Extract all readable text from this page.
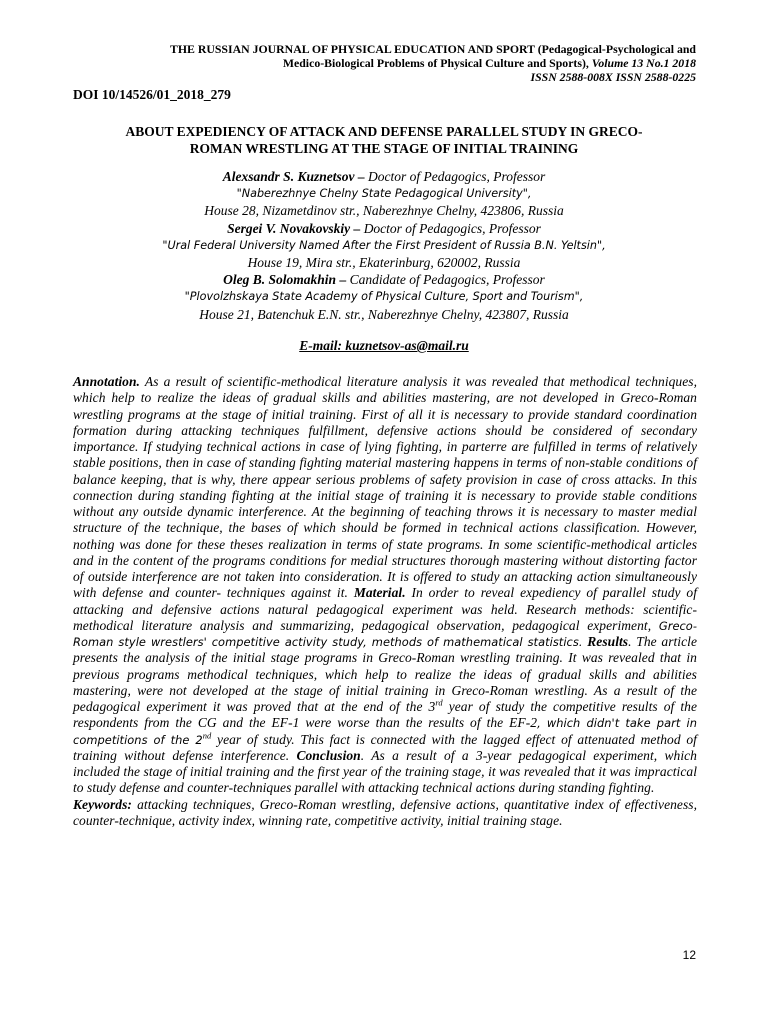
THE RUSSIAN JOURNAL OF PHYSICAL EDUCATION AND SPORT (Pedagogical-Psychological and
Medico-Biological Problems of Physical Culture and Sports), Volume 13 No.1 2018
ISSN 2588-008X ISSN 2588-0225
DOI 10/14526/01_2018_279
ABOUT EXPEDIENCY OF ATTACK AND DEFENSE PARALLEL STUDY IN GRECO-
ROMAN WRESTLING AT THE STAGE OF INITIAL TRAINING
Alexsandr S. Kuznetsov – Doctor of Pedagogics, Professor
"Naberezhnye Chelny State Pedagogical University",
House 28, Nizametdinov str., Naberezhnye Chelny, 423806, Russia
Sergei V. Novakovskiy – Doctor of Pedagogics, Professor
"Ural Federal University Named After the First President of Russia B.N. Yeltsin",
House 19, Mira str., Ekaterinburg, 620002, Russia
Oleg B. Solomakhin – Candidate of Pedagogics, Professor
"Plovolzhskaya State Academy of Physical Culture, Sport and Tourism",
House 21, Batenchuk E.N. str., Naberezhnye Chelny, 423807, Russia
E-mail: kuznetsov-as@mail.ru

Annotation. As a result of scientific-methodical literature analysis it was revealed that methodical techniques, which help to realize the ideas of gradual skills and abilities mastering, are not developed in Greco-Roman wrestling programs at the stage of initial training. First of all it is necessary to provide standard coordination formation during attacking techniques fulfillment, defensive actions should be considered of secondary importance. If studying technical actions in case of lying fighting, in parterre are fulfilled in terms of relatively stable positions, then in case of standing fighting material mastering happens in terms of non-stable conditions of balance keeping, that is why, there appear serious problems of safety provision in case of cross attacks. In this connection during standing fighting at the initial stage of training it is necessary to provide stable conditions without any outside dynamic interference. At the beginning of teaching throws it is necessary to master medial structure of the technique, the bases of which should be formed in technical actions classification. However, nothing was done for these theses realization in terms of state programs. In some scientific-methodical articles and in the content of the programs conditions for medial structures thorough mastering without distorting factor of outside interference are not taken into consideration. It is offered to study an attacking action simultaneously with defense and counter- techniques against it. Material. In order to reveal expediency of parallel study of attacking and defensive actions natural pedagogical experiment was held. Research methods: scientific-methodical literature analysis and summarizing, pedagogical observation, pedagogical experiment, Greco-Roman style wrestlers' competitive activity study, methods of mathematical statistics. Results. The article presents the analysis of the initial stage programs in Greco-Roman wrestling training. It was revealed that in previous programs methodical techniques, which help to realize the ideas of gradual skills and abilities mastering, were not developed at the stage of initial training in Greco-Roman wrestling. As a result of the pedagogical experiment it was proved that at the end of the 3rd year of study the competitive results of the respondents from the CG and the EF-1 were worse than the results of the EF-2, which didn't take part in competitions of the 2nd year of study. This fact is connected with the lagged effect of attenuated method of training without defense interference. Conclusion. As a result of a 3-year pedagogical experiment, which included the stage of initial training and the first year of the training stage, it was revealed that it was impractical to study defense and counter-techniques parallel with attacking technical actions during standing fighting.

Keywords: attacking techniques, Greco-Roman wrestling, defensive actions, quantitative index of effectiveness, counter-technique, activity index, winning rate, competitive activity, initial training stage.

12
